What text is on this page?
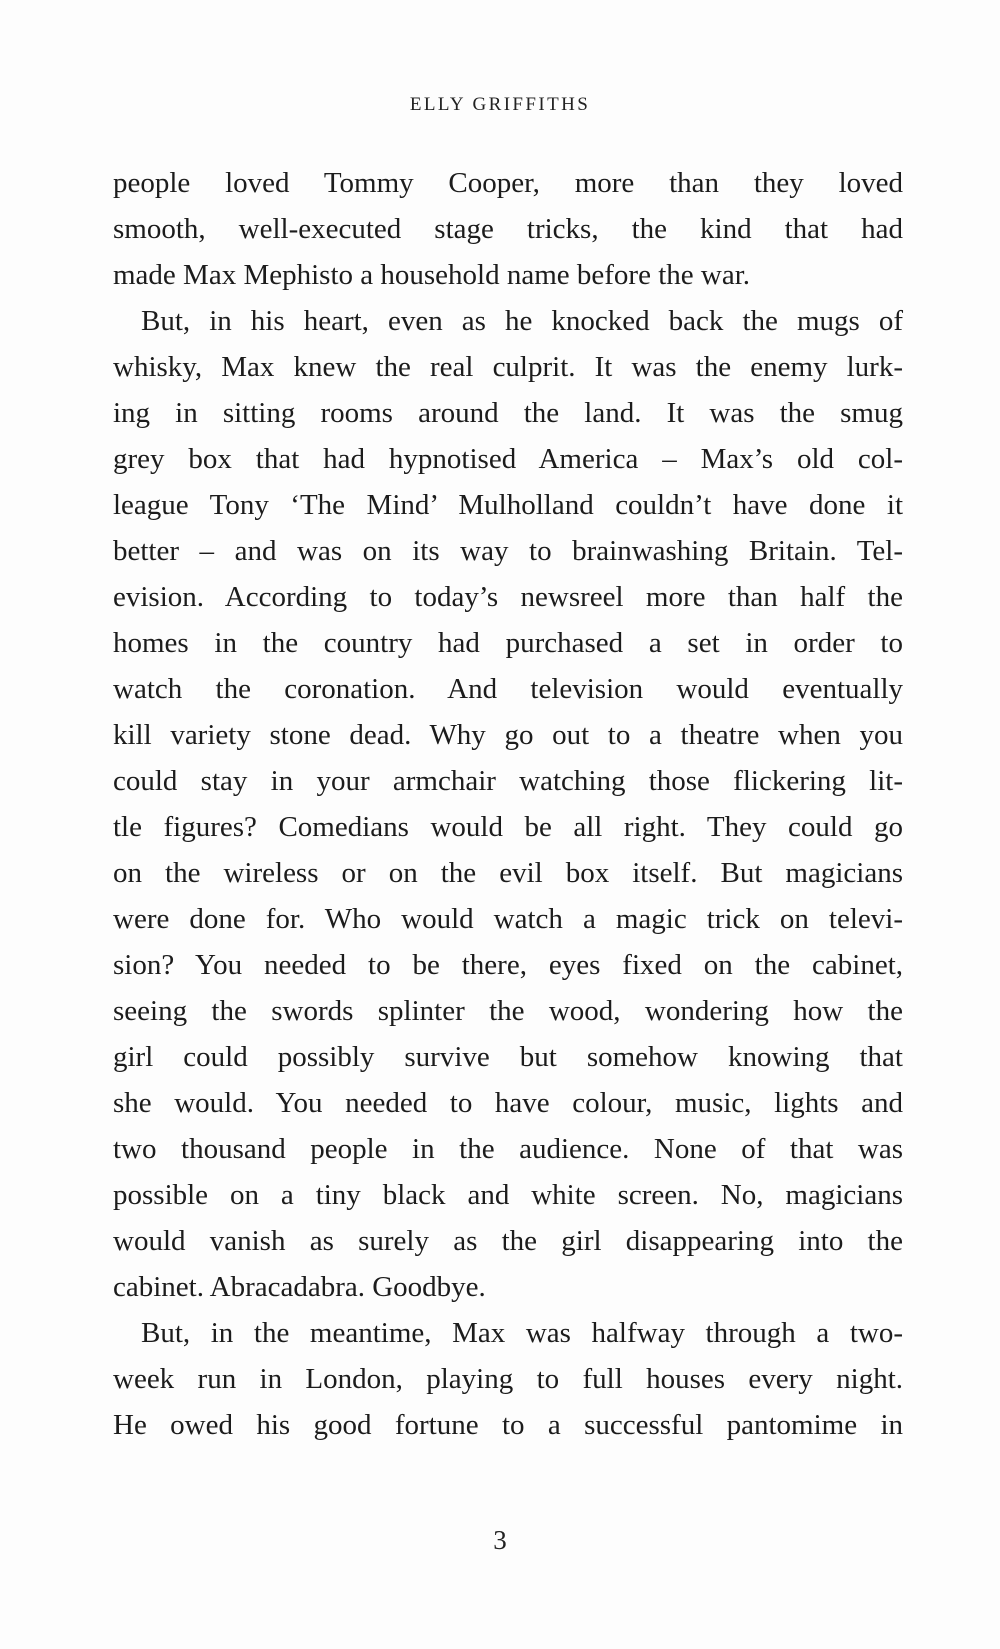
ELLY GRIFFITHS
people loved Tommy Cooper, more than they loved
smooth, well-executed stage tricks, the kind that had
made Max Mephisto a household name before the war.
But, in his heart, even as he knocked back the mugs of
whisky, Max knew the real culprit. It was the enemy lurk-
ing in sitting rooms around the land. It was the smug
grey box that had hypnotised America – Max’s old col-
league Tony ‘The Mind’ Mulholland couldn’t have done it
better – and was on its way to brainwashing Britain. Tel-
evision. According to today’s newsreel more than half the
homes in the country had purchased a set in order to
watch the coronation. And television would eventually
kill variety stone dead. Why go out to a theatre when you
could stay in your armchair watching those flickering lit-
tle figures? Comedians would be all right. They could go
on the wireless or on the evil box itself. But magicians
were done for. Who would watch a magic trick on televi-
sion? You needed to be there, eyes fixed on the cabinet,
seeing the swords splinter the wood, wondering how the
girl could possibly survive but somehow knowing that
she would. You needed to have colour, music, lights and
two thousand people in the audience. None of that was
possible on a tiny black and white screen. No, magicians
would vanish as surely as the girl disappearing into the
cabinet. Abracadabra. Goodbye.
But, in the meantime, Max was halfway through a two-
week run in London, playing to full houses every night.
He owed his good fortune to a successful pantomime in
3
